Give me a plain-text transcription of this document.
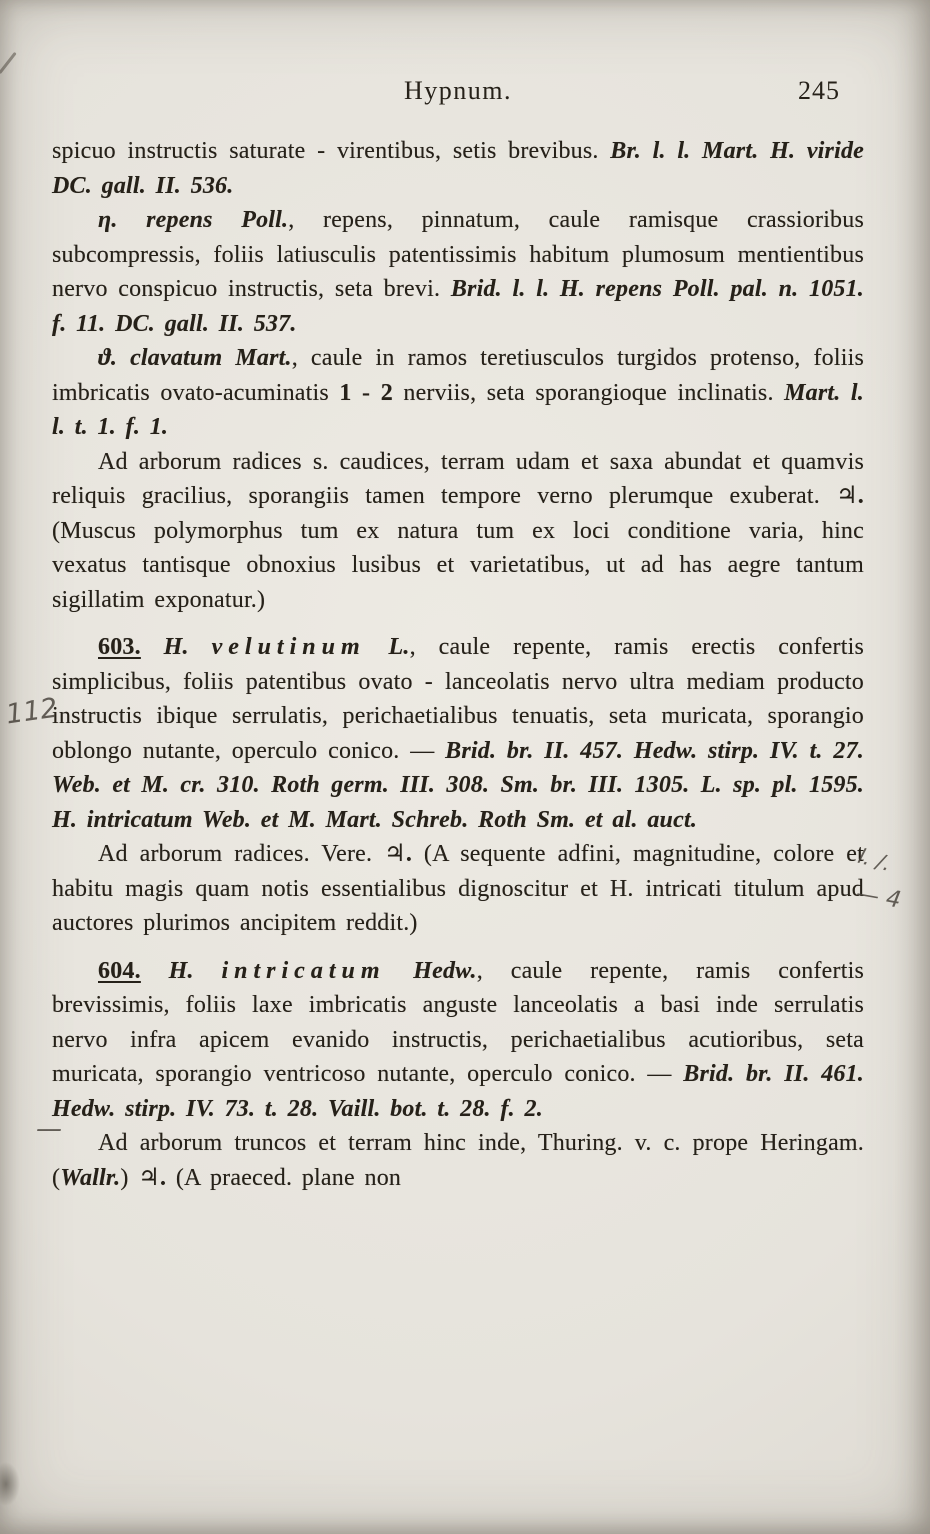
Hypnum.	245

spicuo instructis saturate - virentibus, setis brevibus. Br. l. l. Mart. H. viride DC. gall. II. 536.

η. repens Poll., repens, pinnatum, caule ramisque crassioribus subcompressis, foliis latiusculis patentissimis habitum plumosum mentientibus nervo conspicuo instructis, seta brevi. Brid. l. l. H. repens Poll. pal. n. 1051. f. 11. DC. gall. II. 537.

ϑ. clavatum Mart., caule in ramos teretiusculos turgidos protenso, foliis imbricatis ovato-acuminatis 1 - 2 nerviis, seta sporangioque inclinatis. Mart. l. l. t. 1. f. 1.

Ad arborum radices s. caudices, terram udam et saxa abundat et quamvis reliquis gracilius, sporangiis tamen tempore verno plerumque exuberat. ♃. (Muscus polymorphus tum ex natura tum ex loci conditione varia, hinc vexatus tantisque obnoxius lusibus et varietatibus, ut ad has aegre tantum sigillatim exponatur.)

603. H. velutinum L., caule repente, ramis erectis confertis simplicibus, foliis patentibus ovato - lanceolatis nervo ultra mediam producto instructis ibique serrulatis, perichaetialibus tenuatis, seta muricata, sporangio oblongo nutante, operculo conico. — Brid. br. II. 457. Hedw. stirp. IV. t. 27. Web. et M. cr. 310. Roth germ. III. 308. Sm. br. III. 1305. L. sp. pl. 1595. H. intricatum Web. et M. Mart. Schreb. Roth Sm. et al. auct.

Ad arborum radices. Vere. ♃. (A sequente adfini, magnitudine, colore et habitu magis quam notis essentialibus dignoscitur et H. intricati titulum apud auctores plurimos ancipitem reddit.)

604. H. intricatum Hedw., caule repente, ramis confertis brevissimis, foliis laxe imbricatis anguste lanceolatis a basi inde serrulatis nervo infra apicem evanido instructis, perichaetialibus acutioribus, seta muricata, sporangio ventricoso nutante, operculo conico. — Brid. br. II. 461. Hedw. stirp. IV. 73. t. 28. Vaill. bot. t. 28. f. 2.

Ad arborum truncos et terram hinc inde, Thuring. v. c. prope Heringam. (Wallr.) ♃. (A praeced. plane non

112
—
l. /.
— 4
